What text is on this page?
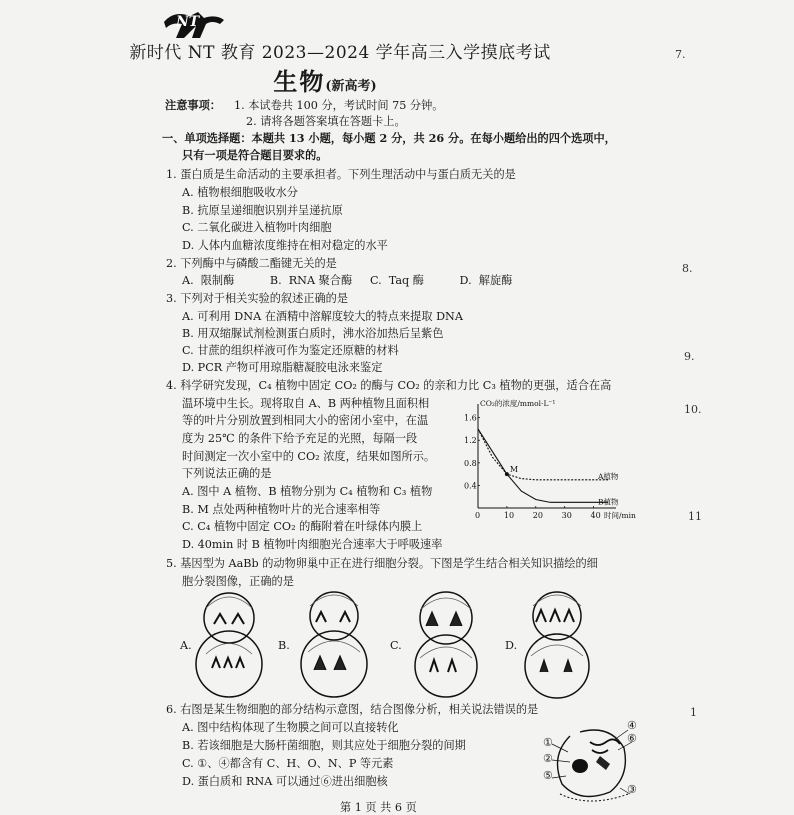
NT
新时代 NT 教育 2023—2024 学年高三入学摸底考试
生物(新高考)
注意事项： 1. 本试卷共 100 分，考试时间 75 分钟。
2. 请将各题答案填在答题卡上。
一、单项选择题：本题共 13 小题，每小题 2 分，共 26 分。在每小题给出的四个选项中，
只有一项是符合题目要求的。
1. 蛋白质是生命活动的主要承担者。下列生理活动中与蛋白质无关的是
A. 植物根细胞吸收水分
B. 抗原呈递细胞识别并呈递抗原
C. 二氧化碳进入植物叶肉细胞
D. 人体内血糖浓度维持在相对稳定的水平
2. 下列酶中与磷酸二酯键无关的是
A.  限制酶          B.  RNA 聚合酶     C.  Taq 酶          D.  解旋酶
3. 下列对于相关实验的叙述正确的是
A. 可利用 DNA 在酒精中溶解度较大的特点来提取 DNA
B. 用双缩脲试剂检测蛋白质时，沸水浴加热后呈紫色
C. 甘蔗的组织样液可作为鉴定还原糖的材料
D. PCR 产物可用琼脂糖凝胶电泳来鉴定
4. 科学研究发现，C₄ 植物中固定 CO₂ 的酶与 CO₂ 的亲和力比 C₃ 植物的更强，适合在高
温环境中生长。现将取自 A、B 两种植物且面积相
等的叶片分别放置到相同大小的密闭小室中，在温
度为 25℃ 的条件下给予充足的光照，每隔一段
时间测定一次小室中的 CO₂ 浓度，结果如图所示。
下列说法正确的是
A. 图中 A 植物、B 植物分别为 C₄ 植物和 C₃ 植物
B. M 点处两种植物叶片的光合速率相等
C. C₄ 植物中固定 CO₂ 的酶附着在叶绿体内膜上
D. 40min 时 B 植物叶肉细胞光合速率大于呼吸速率
CO₂的浓度/mmol·L⁻¹
时间/min
0	10 20 30 40
0.4
0.8
1.2
1.6
A植物
B植物
M
5. 基因型为 AaBb 的动物卵巢中正在进行细胞分裂。下图是学生结合相关知识描绘的细
胞分裂图像，正确的是
A.	B.	C.	D.
6. 右图是某生物细胞的部分结构示意图，结合图像分析，相关说法错误的是
A. 图中结构体现了生物膜之间可以直接转化
B. 若该细胞是大肠杆菌细胞，则其应处于细胞分裂的间期
C. ①、④都含有 C、H、O、N、P 等元素
D. 蛋白质和 RNA 可以通过⑥进出细胞核
①
②
③
④
⑤
⑥
第 1 页 共 6 页
7.
8.
9.
10.
11
1
